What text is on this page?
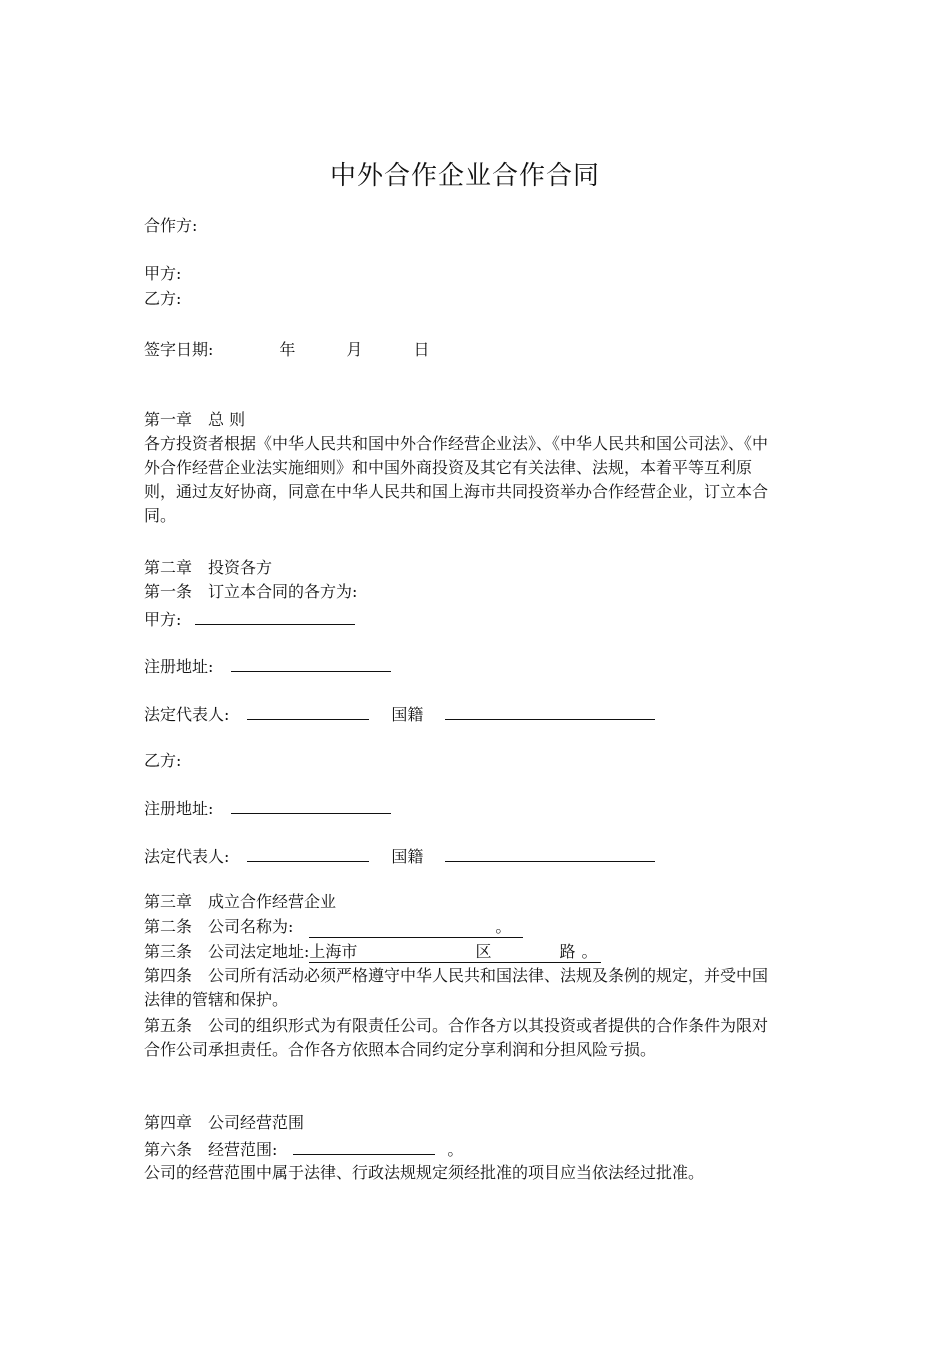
中外合作企业合作合同
合作方:
甲方:
乙方:
签字日期:	年	月	日
第一章 总 则
各方投资者根据《中华人民共和国中外合作经营企业法》、《中华人民共和国公司法》、《中外合作经营企业法实施细则》和中国外商投资及其它有关法律、法规，本着平等互利原则，通过友好协商，同意在中华人民共和国上海市共同投资举办合作经营企业，订立本合同。
第二章 投资各方
第一条 订立本合同的各方为:
甲方:
注册地址:
法定代表人:	国籍
乙方:
注册地址:
法定代表人:	国籍
第三章 成立合作经营企业
第二条 公司名称为:	。
第三条 公司法定地址:上海市	区	路 。
第四条 公司所有活动必须严格遵守中华人民共和国法律、法规及条例的规定，并受中国法律的管辖和保护。
第五条 公司的组织形式为有限责任公司。合作各方以其投资或者提供的合作条件为限对合作公司承担责任。合作各方依照本合同约定分享利润和分担风险亏损。
第四章 公司经营范围
第六条 经营范围:	。
公司的经营范围中属于法律、行政法规规定须经批准的项目应当依法经过批准。
